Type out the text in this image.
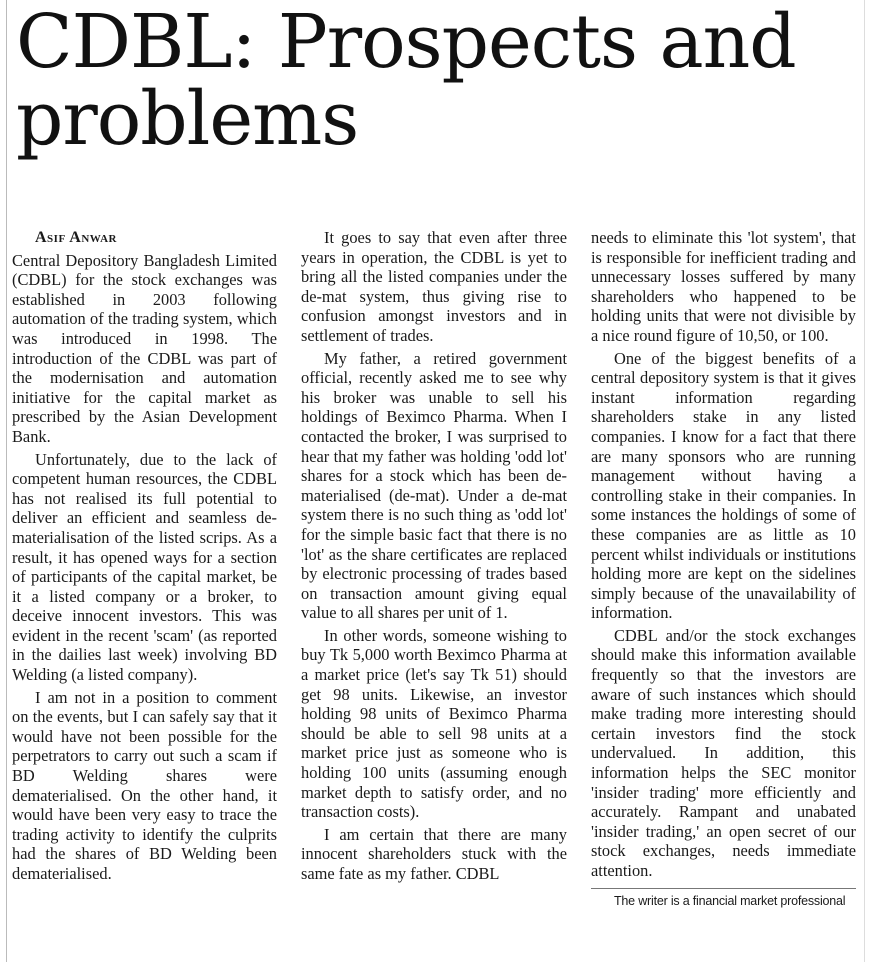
CDBL: Prospects and problems

Asif Anwar

Central Depository Bangladesh Limited (CDBL) for the stock exchanges was established in 2003 following automation of the trading system, which was introduced in 1998. The introduction of the CDBL was part of the modernisation and automation initiative for the capital market as prescribed by the Asian Development Bank.

Unfortunately, due to the lack of competent human resources, the CDBL has not realised its full potential to deliver an efficient and seamless de-materialisation of the listed scrips. As a result, it has opened ways for a section of participants of the capital market, be it a listed company or a broker, to deceive innocent investors. This was evident in the recent 'scam' (as reported in the dailies last week) involving BD Welding (a listed company).

I am not in a position to comment on the events, but I can safely say that it would have not been possible for the perpetrators to carry out such a scam if BD Welding shares were dematerialised. On the other hand, it would have been very easy to trace the trading activity to identify the culprits had the shares of BD Welding been dematerialised.

It goes to say that even after three years in operation, the CDBL is yet to bring all the listed companies under the de-mat system, thus giving rise to confusion amongst investors and in settlement of trades.

My father, a retired government official, recently asked me to see why his broker was unable to sell his holdings of Beximco Pharma. When I contacted the broker, I was surprised to hear that my father was holding 'odd lot' shares for a stock which has been de-materialised (de-mat). Under a de-mat system there is no such thing as 'odd lot' for the simple basic fact that there is no 'lot' as the share certificates are replaced by electronic processing of trades based on transaction amount giving equal value to all shares per unit of 1.

In other words, someone wishing to buy Tk 5,000 worth Beximco Pharma at a market price (let's say Tk 51) should get 98 units. Likewise, an investor holding 98 units of Beximco Pharma should be able to sell 98 units at a market price just as someone who is holding 100 units (assuming enough market depth to satisfy order, and no transaction costs).

I am certain that there are many innocent shareholders stuck with the same fate as my father. CDBL

needs to eliminate this 'lot system', that is responsible for inefficient trading and unnecessary losses suffered by many shareholders who happened to be holding units that were not divisible by a nice round figure of 10,50, or 100.

One of the biggest benefits of a central depository system is that it gives instant information regarding shareholders stake in any listed companies. I know for a fact that there are many sponsors who are running management without having a controlling stake in their companies. In some instances the holdings of some of these companies are as little as 10 percent whilst individuals or institutions holding more are kept on the sidelines simply because of the unavailability of information.

CDBL and/or the stock exchanges should make this information available frequently so that the investors are aware of such instances which should make trading more interesting should certain investors find the stock undervalued. In addition, this information helps the SEC monitor 'insider trading' more efficiently and accurately. Rampant and unabated 'insider trading,' an open secret of our stock exchanges, needs immediate attention.

The writer is a financial market professional
